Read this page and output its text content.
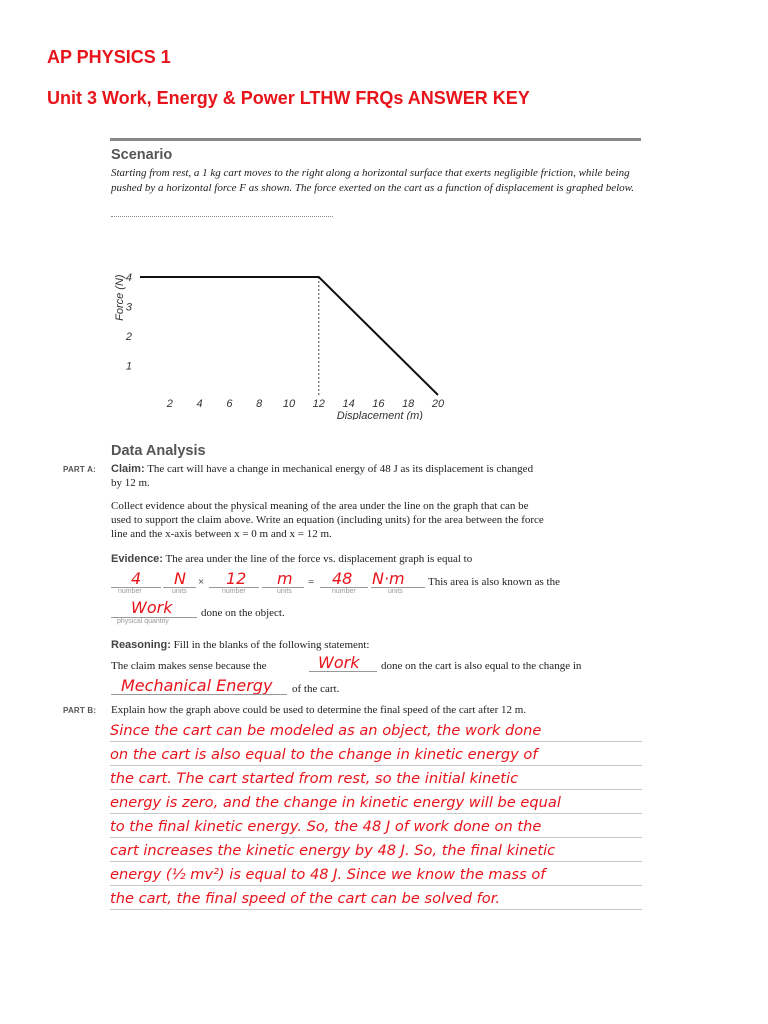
AP PHYSICS 1
Unit 3 Work, Energy & Power LTHW FRQs ANSWER KEY
Scenario
Starting from rest, a 1 kg cart moves to the right along a horizontal surface that exerts negligible friction, while being pushed by a horizontal force F as shown. The force exerted on the cart as a function of displacement is graphed below.
2 4 6 8 10 12 14 16 18 20
1
2
3
4
Displacement (m)
Force (N)
Data Analysis
PART A: Claim: The cart will have a change in mechanical energy of 48 J as its displacement is changed
by 12 m.
Collect evidence about the physical meaning of the area under the line on the graph that can be
used to support the claim above. Write an equation (including units) for the area between the force
line and the x-axis between x = 0 m and x = 12 m.
Evidence: The area under the line of the force vs. displacement graph is equal to
4 N × 12 m = 48 N·m This area is also known as the
number	units	number	units	number	units
Work
physical quantity
done on the object.
Reasoning: Fill in the blanks of the following statement:
The claim makes sense because the	Work done on the cart is also equal to the change in
Mechanical Energy of the cart.
PART B: Explain how the graph above could be used to determine the final speed of the cart after 12 m.
Since the cart can be modeled as an object, the work done
on the cart is also equal to the change in kinetic energy of
the cart. The cart started from rest, so the initial kinetic
energy is zero, and the change in kinetic energy will be equal
to the final kinetic energy. So, the 48 J of work done on the
cart increases the kinetic energy by 48 J. So, the final kinetic
energy (½ mv²) is equal to 48 J. Since we know the mass of
the cart, the final speed of the cart can be solved for.
